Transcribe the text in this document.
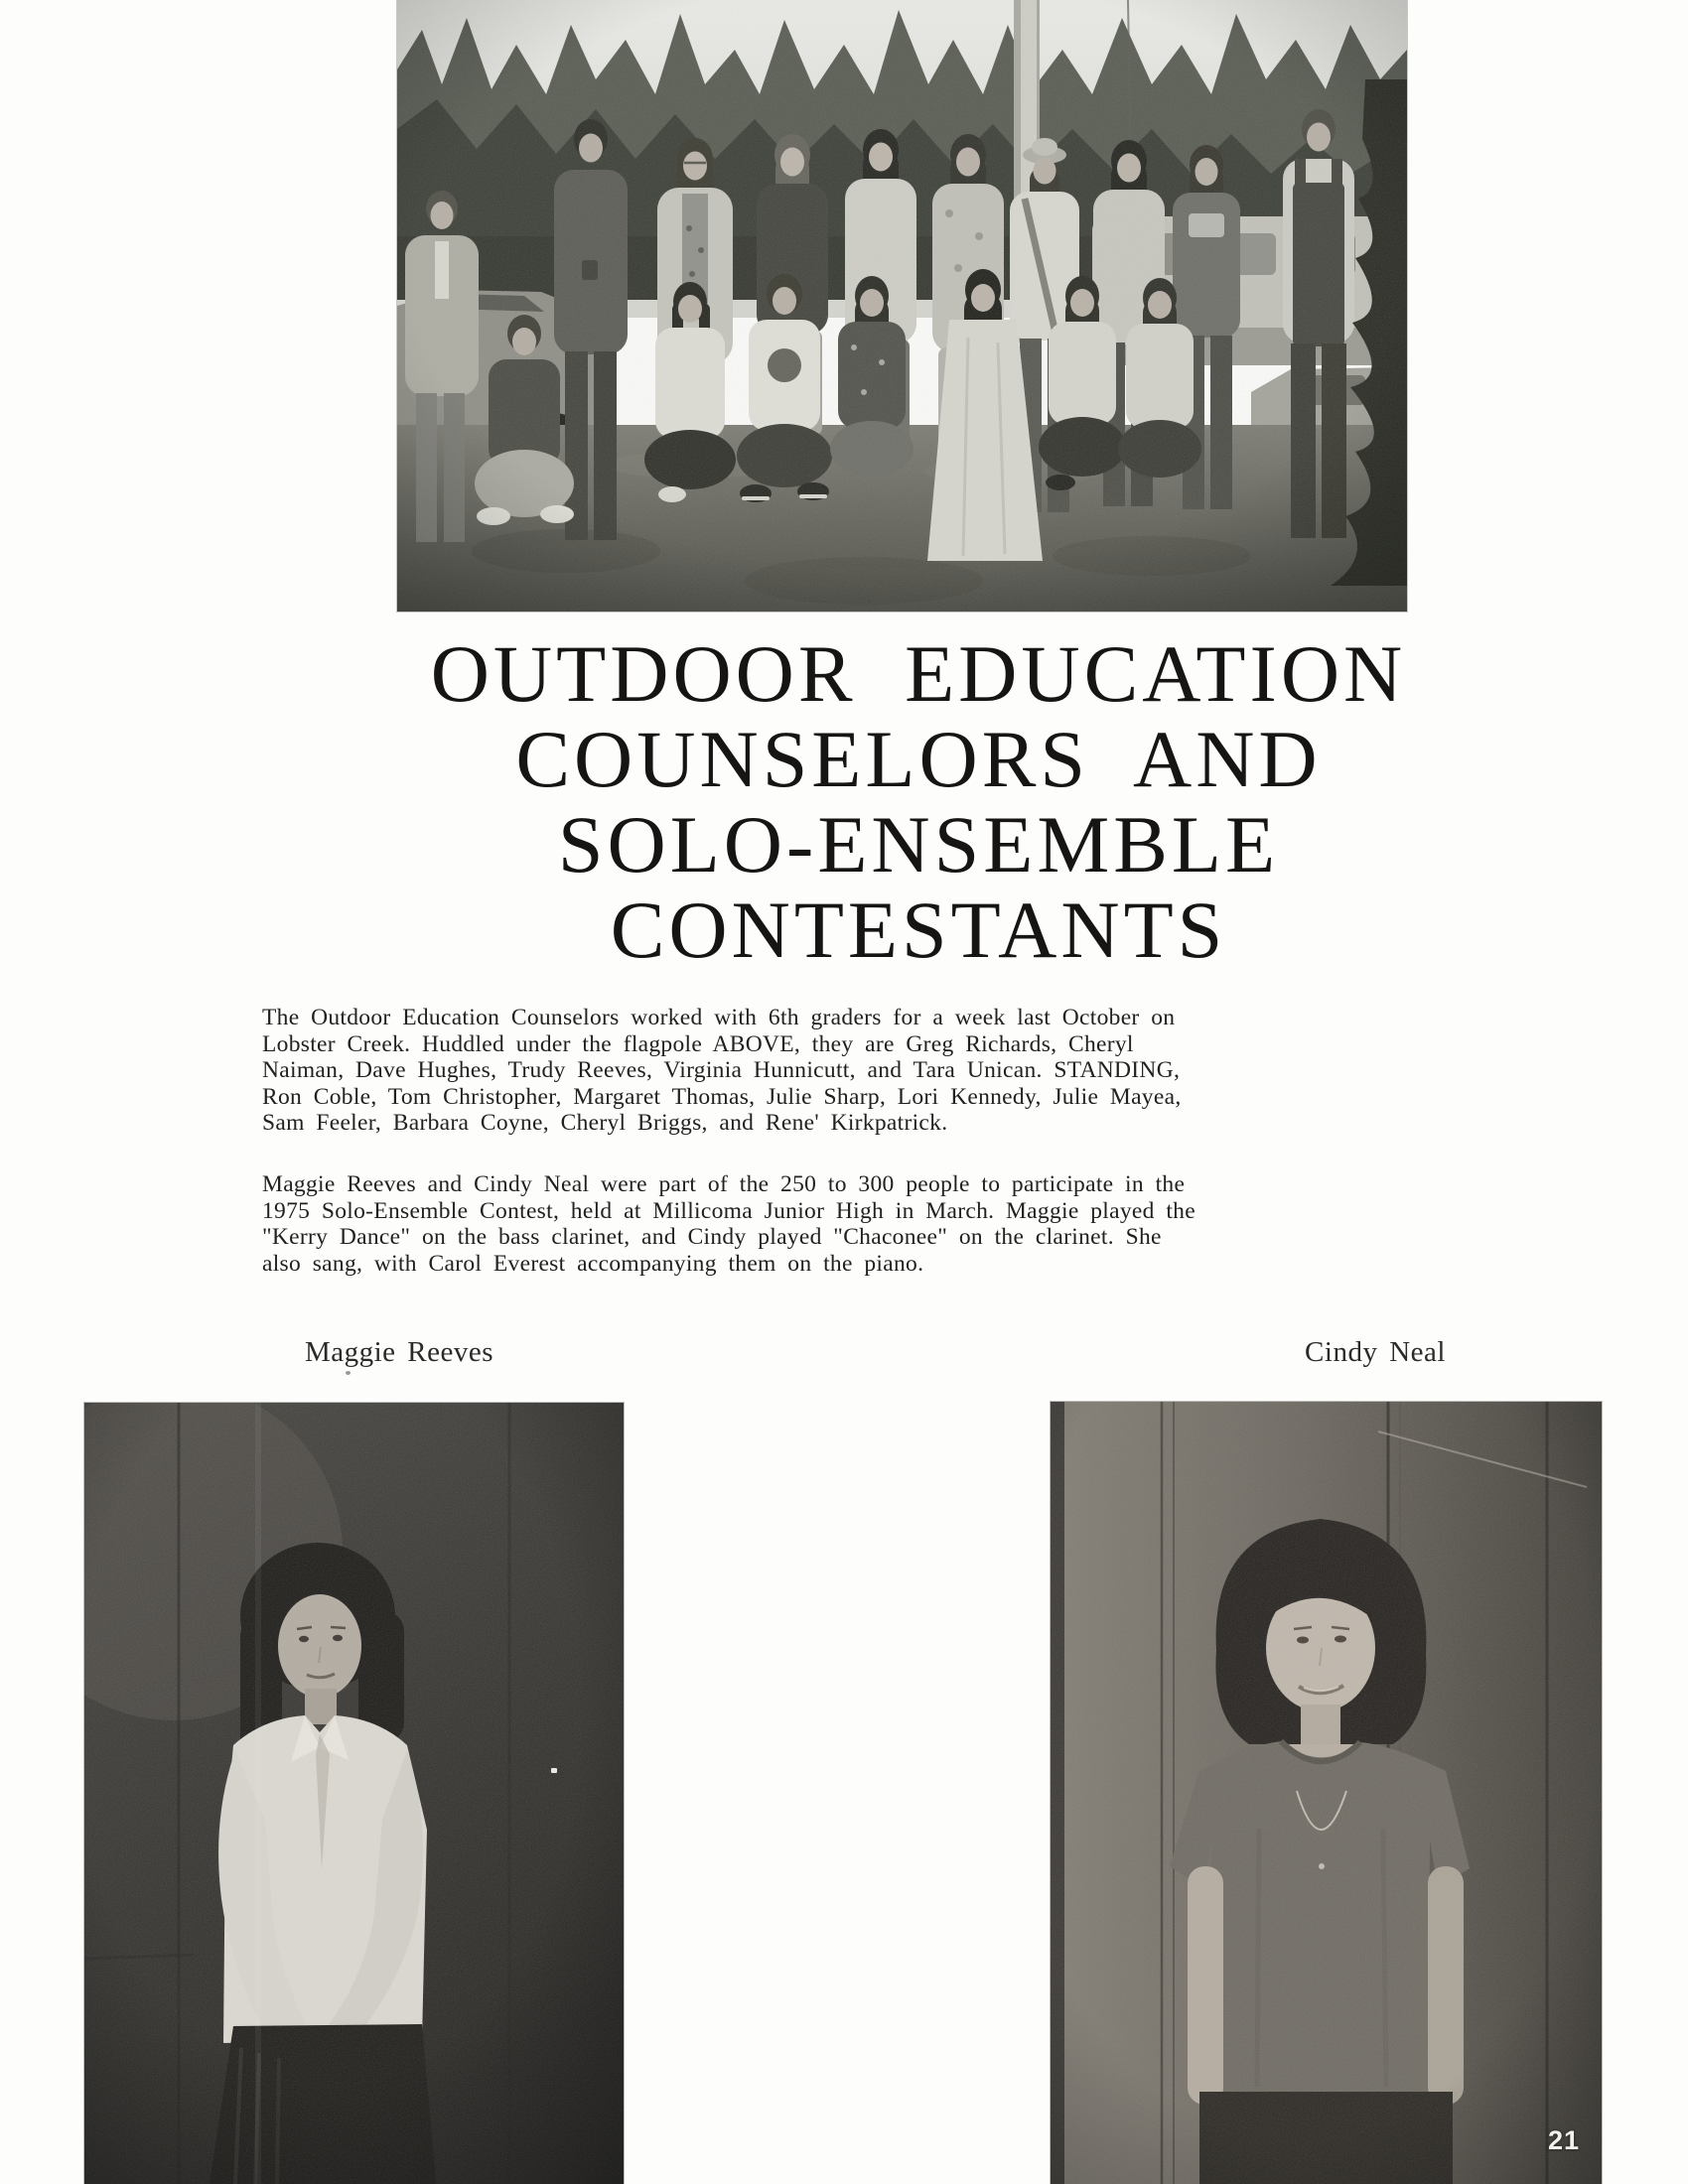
OUTDOOR EDUCATION
COUNSELORS AND
SOLO-ENSEMBLE
CONTESTANTS

The Outdoor Education Counselors worked with 6th graders for a week last October on
Lobster Creek. Huddled under the flagpole ABOVE, they are Greg Richards, Cheryl
Naiman, Dave Hughes, Trudy Reeves, Virginia Hunnicutt, and Tara Unican. STANDING,
Ron Coble, Tom Christopher, Margaret Thomas, Julie Sharp, Lori Kennedy, Julie Mayea,
Sam Feeler, Barbara Coyne, Cheryl Briggs, and Rene' Kirkpatrick.

Maggie Reeves and Cindy Neal were part of the 250 to 300 people to participate in the
1975 Solo-Ensemble Contest, held at Millicoma Junior High in March. Maggie played the
"Kerry Dance" on the bass clarinet, and Cindy played "Chaconee" on the clarinet. She
also sang, with Carol Everest accompanying them on the piano.

Maggie Reeves	Cindy Neal
21
